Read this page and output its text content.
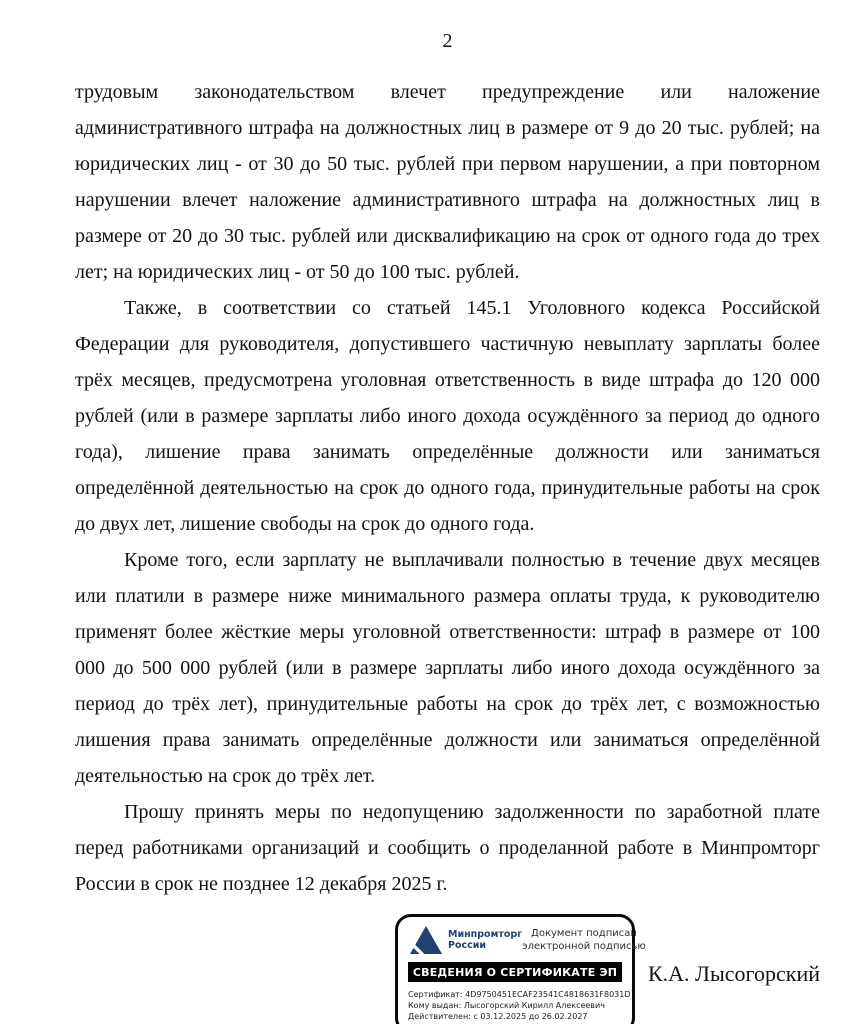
2

трудовым законодательством влечет предупреждение или наложение административного штрафа на должностных лиц в размере от 9 до 20 тыс. рублей; на юридических лиц - от 30 до 50 тыс. рублей при первом нарушении, а при повторном нарушении влечет наложение административного штрафа на должностных лиц в размере от 20 до 30 тыс. рублей или дисквалификацию на срок от одного года до трех лет; на юридических лиц - от 50 до 100 тыс. рублей.

Также, в соответствии со статьей 145.1 Уголовного кодекса Российской Федерации для руководителя, допустившего частичную невыплату зарплаты более трёх месяцев, предусмотрена уголовная ответственность в виде штрафа до 120 000 рублей (или в размере зарплаты либо иного дохода осуждённого за период до одного года), лишение права занимать определённые должности или заниматься определённой деятельностью на срок до одного года, принудительные работы на срок до двух лет, лишение свободы на срок до одного года.

Кроме того, если зарплату не выплачивали полностью в течение двух месяцев или платили в размере ниже минимального размера оплаты труда, к руководителю применят более жёсткие меры уголовной ответственности: штраф в размере от 100 000 до 500 000 рублей (или в размере зарплаты либо иного дохода осуждённого за период до трёх лет), принудительные работы на срок до трёх лет, с возможностью лишения права занимать определённые должности или заниматься определённой деятельностью на срок до трёх лет.

Прошу принять меры по недопущению задолженности по заработной плате перед работниками организаций и сообщить о проделанной работе в Минпромторг России в срок не позднее 12 декабря 2025 г.

Минпромторг
России
Документ подписан
электронной подписью
СВЕДЕНИЯ О СЕРТИФИКАТЕ ЭП
Сертификат: 4D9750451ECAF23541C4818631F8031D
Кому выдан: Лысогорский Кирилл Алексеевич
Действителен: с 03.12.2025 до 26.02.2027
К.А. Лысогорский
